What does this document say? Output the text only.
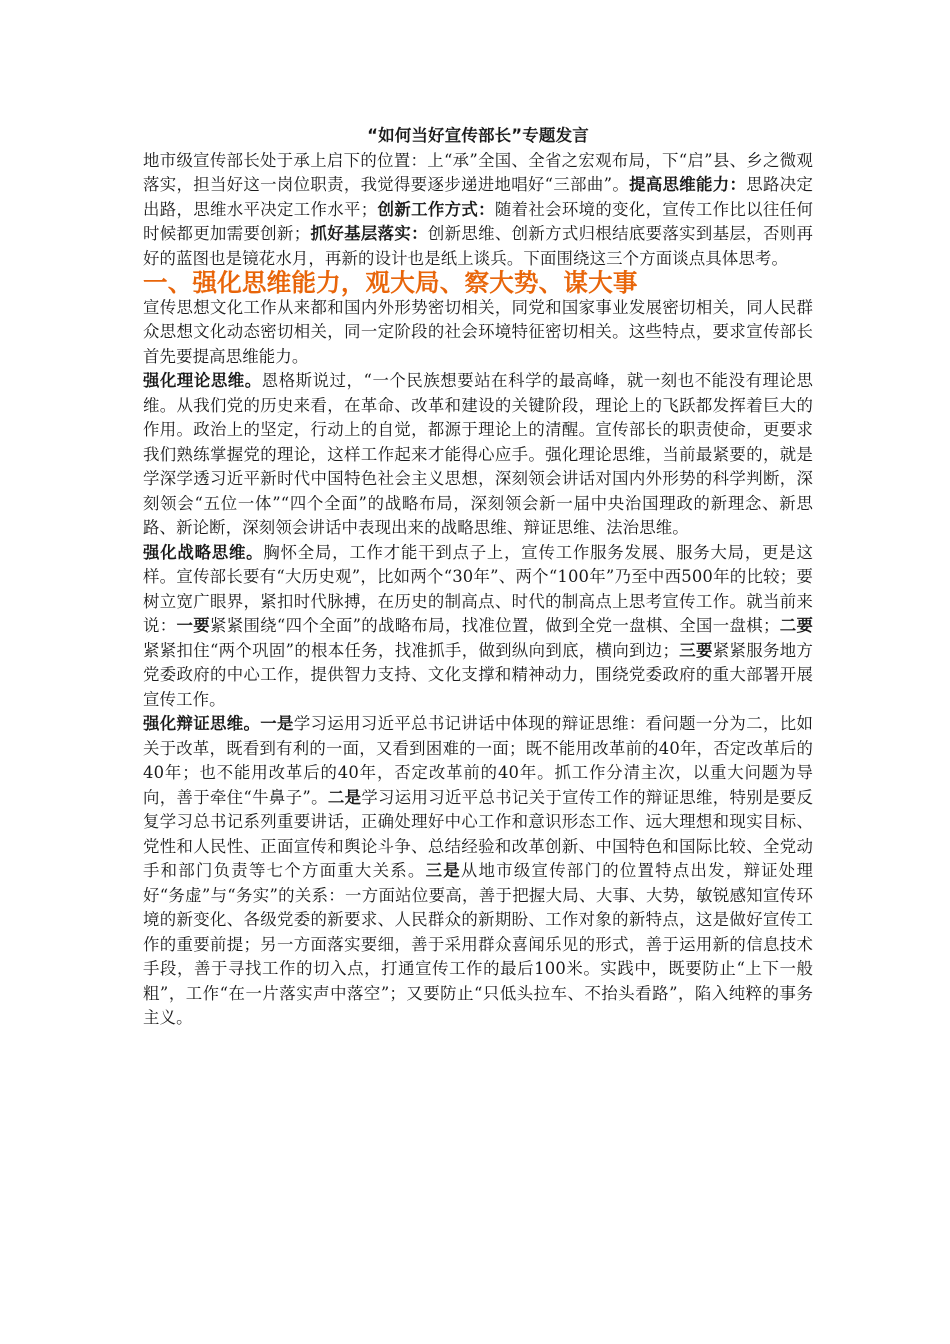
“如何当好宣传部长”专题发言

地市级宣传部长处于承上启下的位置：上“承”全国、全省之宏观布局，下“启”县、乡之微观落实，担当好这一岗位职责，我觉得要逐步递进地唱好“三部曲”。提高思维能力：思路决定出路，思维水平决定工作水平；创新工作方式：随着社会环境的变化，宣传工作比以往任何时候都更加需要创新；抓好基层落实：创新思维、创新方式归根结底要落实到基层，否则再好的蓝图也是镜花水月，再新的设计也是纸上谈兵。下面围绕这三个方面谈点具体思考。

一、强化思维能力，观大局、察大势、谋大事

宣传思想文化工作从来都和国内外形势密切相关，同党和国家事业发展密切相关，同人民群众思想文化动态密切相关，同一定阶段的社会环境特征密切相关。这些特点，要求宣传部长首先要提高思维能力。

强化理论思维。恩格斯说过，“一个民族想要站在科学的最高峰，就一刻也不能没有理论思维。从我们党的历史来看，在革命、改革和建设的关键阶段，理论上的飞跃都发挥着巨大的作用。政治上的坚定，行动上的自觉，都源于理论上的清醒。宣传部长的职责使命，更要求我们熟练掌握党的理论，这样工作起来才能得心应手。强化理论思维，当前最紧要的，就是学深学透习近平新时代中国特色社会主义思想，深刻领会讲话对国内外形势的科学判断，深刻领会“五位一体”“四个全面”的战略布局，深刻领会新一届中央治国理政的新理念、新思路、新论断，深刻领会讲话中表现出来的战略思维、辩证思维、法治思维。

强化战略思维。胸怀全局，工作才能干到点子上，宣传工作服务发展、服务大局，更是这样。宣传部长要有“大历史观”，比如两个“30年”、两个“100年”乃至中西500年的比较；要树立宽广眼界，紧扣时代脉搏，在历史的制高点、时代的制高点上思考宣传工作。就当前来说：一要紧紧围绕“四个全面”的战略布局，找准位置，做到全党一盘棋、全国一盘棋；二要紧紧扣住“两个巩固”的根本任务，找准抓手，做到纵向到底，横向到边；三要紧紧服务地方党委政府的中心工作，提供智力支持、文化支撑和精神动力，围绕党委政府的重大部署开展宣传工作。

强化辩证思维。一是学习运用习近平总书记讲话中体现的辩证思维：看问题一分为二，比如关于改革，既看到有利的一面，又看到困难的一面；既不能用改革前的40年，否定改革后的40年；也不能用改革后的40年，否定改革前的40年。抓工作分清主次，以重大问题为导向，善于牵住“牛鼻子”。二是学习运用习近平总书记关于宣传工作的辩证思维，特别是要反复学习总书记系列重要讲话，正确处理好中心工作和意识形态工作、远大理想和现实目标、党性和人民性、正面宣传和舆论斗争、总结经验和改革创新、中国特色和国际比较、全党动手和部门负责等七个方面重大关系。三是从地市级宣传部门的位置特点出发，辩证处理好“务虚”与“务实”的关系：一方面站位要高，善于把握大局、大事、大势，敏锐感知宣传环境的新变化、各级党委的新要求、人民群众的新期盼、工作对象的新特点，这是做好宣传工作的重要前提；另一方面落实要细，善于采用群众喜闻乐见的形式，善于运用新的信息技术手段，善于寻找工作的切入点，打通宣传工作的最后100米。实践中，既要防止“上下一般粗”，工作“在一片落实声中落空”；又要防止“只低头拉车、不抬头看路”，陷入纯粹的事务主义。
